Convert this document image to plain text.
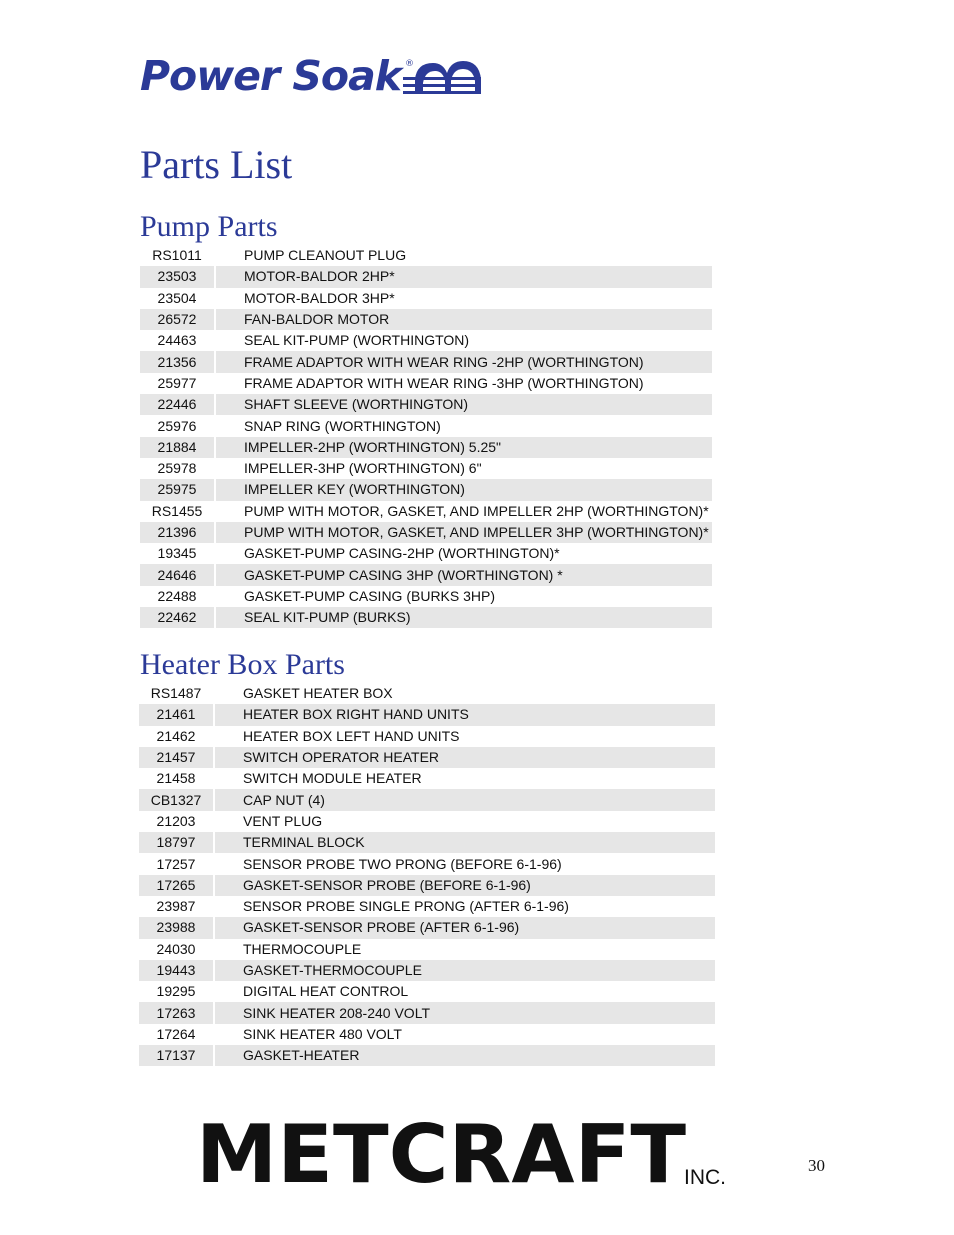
Power Soak ®
Parts List
Pump Parts
RS1011	PUMP CLEANOUT PLUG
23503	MOTOR-BALDOR 2HP*
23504	MOTOR-BALDOR 3HP*
26572	FAN-BALDOR MOTOR
24463	SEAL KIT-PUMP (WORTHINGTON)
21356	FRAME ADAPTOR WITH WEAR RING -2HP (WORTHINGTON)
25977	FRAME ADAPTOR WITH WEAR RING -3HP (WORTHINGTON)
22446	SHAFT SLEEVE (WORTHINGTON)
25976	SNAP RING (WORTHINGTON)
21884	IMPELLER-2HP (WORTHINGTON) 5.25"
25978	IMPELLER-3HP (WORTHINGTON) 6"
25975	IMPELLER KEY (WORTHINGTON)
RS1455	PUMP WITH MOTOR, GASKET, AND IMPELLER 2HP (WORTHINGTON)*
21396	PUMP WITH MOTOR, GASKET, AND IMPELLER 3HP (WORTHINGTON)*
19345	GASKET-PUMP CASING-2HP (WORTHINGTON)*
24646	GASKET-PUMP CASING 3HP (WORTHINGTON) *
22488	GASKET-PUMP CASING (BURKS 3HP)
22462	SEAL KIT-PUMP (BURKS)
Heater Box Parts
RS1487	GASKET HEATER BOX
21461	HEATER BOX RIGHT HAND UNITS
21462	HEATER BOX LEFT HAND UNITS
21457	SWITCH OPERATOR HEATER
21458	SWITCH MODULE HEATER
CB1327	CAP NUT (4)
21203	VENT PLUG
18797	TERMINAL BLOCK
17257	SENSOR PROBE TWO PRONG (BEFORE 6-1-96)
17265	GASKET-SENSOR PROBE (BEFORE 6-1-96)
23987	SENSOR PROBE SINGLE PRONG (AFTER 6-1-96)
23988	GASKET-SENSOR PROBE (AFTER 6-1-96)
24030	THERMOCOUPLE
19443	GASKET-THERMOCOUPLE
19295	DIGITAL HEAT CONTROL
17263	SINK HEATER 208-240 VOLT
17264	SINK HEATER 480 VOLT
17137	GASKET-HEATER
METCRAFT
INC.
30
